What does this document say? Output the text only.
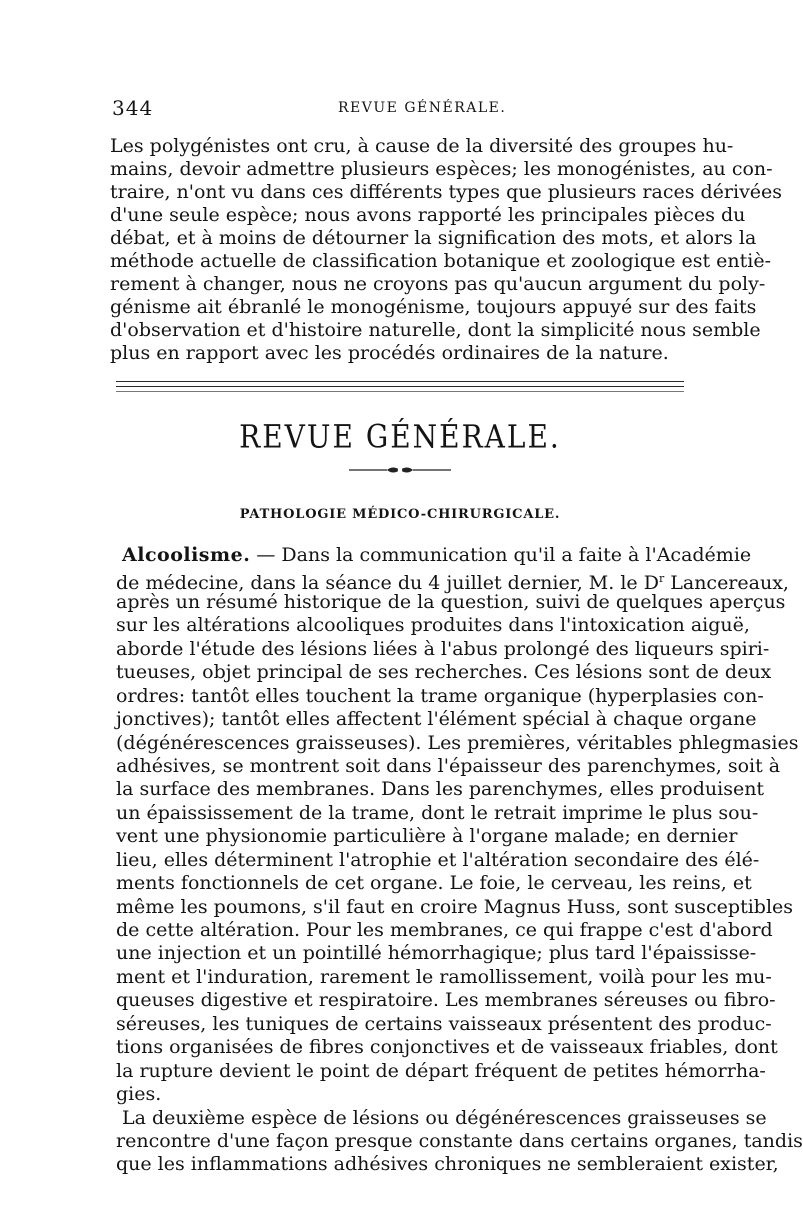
344	REVUE GÉNÉRALE.
Les polygénistes ont cru, à cause de la diversité des groupes hu-
mains, devoir admettre plusieurs espèces; les monogénistes, au con-
traire, n'ont vu dans ces différents types que plusieurs races dérivées
d'une seule espèce; nous avons rapporté les principales pièces du
débat, et à moins de détourner la signification des mots, et alors la
méthode actuelle de classification botanique et zoologique est entiè-
rement à changer, nous ne croyons pas qu'aucun argument du poly-
génisme ait ébranlé le monogénisme, toujours appuyé sur des faits
d'observation et d'histoire naturelle, dont la simplicité nous semble
plus en rapport avec les procédés ordinaires de la nature.
REVUE GÉNÉRALE.
PATHOLOGIE MÉDICO-CHIRURGICALE.
Alcoolisme. — Dans la communication qu'il a faite à l'Académie
de médecine, dans la séance du 4 juillet dernier, M. le $D^r$ Lancereaux,
après un résumé historique de la question, suivi de quelques aperçus
sur les altérations alcooliques produites dans l'intoxication aiguë,
aborde l'étude des lésions liées à l'abus prolongé des liqueurs spiri-
tueuses, objet principal de ses recherches. Ces lésions sont de deux
ordres: tantôt elles touchent la trame organique (hyperplasies con-
jonctives); tantôt elles affectent l'élément spécial à chaque organe
(dégénérescences graisseuses). Les premières, véritables phlegmasies
adhésives, se montrent soit dans l'épaisseur des parenchymes, soit à
la surface des membranes. Dans les parenchymes, elles produisent
un épaississement de la trame, dont le retrait imprime le plus sou-
vent une physionomie particulière à l'organe malade; en dernier
lieu, elles déterminent l'atrophie et l'altération secondaire des élé-
ments fonctionnels de cet organe. Le foie, le cerveau, les reins, et
même les poumons, s'il faut en croire Magnus Huss, sont susceptibles
de cette altération. Pour les membranes, ce qui frappe c'est d'abord
une injection et un pointillé hémorrhagique; plus tard l'épaississe-
ment et l'induration, rarement le ramollissement, voilà pour les mu-
queuses digestive et respiratoire. Les membranes séreuses ou fibro-
séreuses, les tuniques de certains vaisseaux présentent des produc-
tions organisées de fibres conjonctives et de vaisseaux friables, dont
la rupture devient le point de départ fréquent de petites hémorrha-
gies.
La deuxième espèce de lésions ou dégénérescences graisseuses se
rencontre d'une façon presque constante dans certains organes, tandis
que les inflammations adhésives chroniques ne sembleraient exister,
